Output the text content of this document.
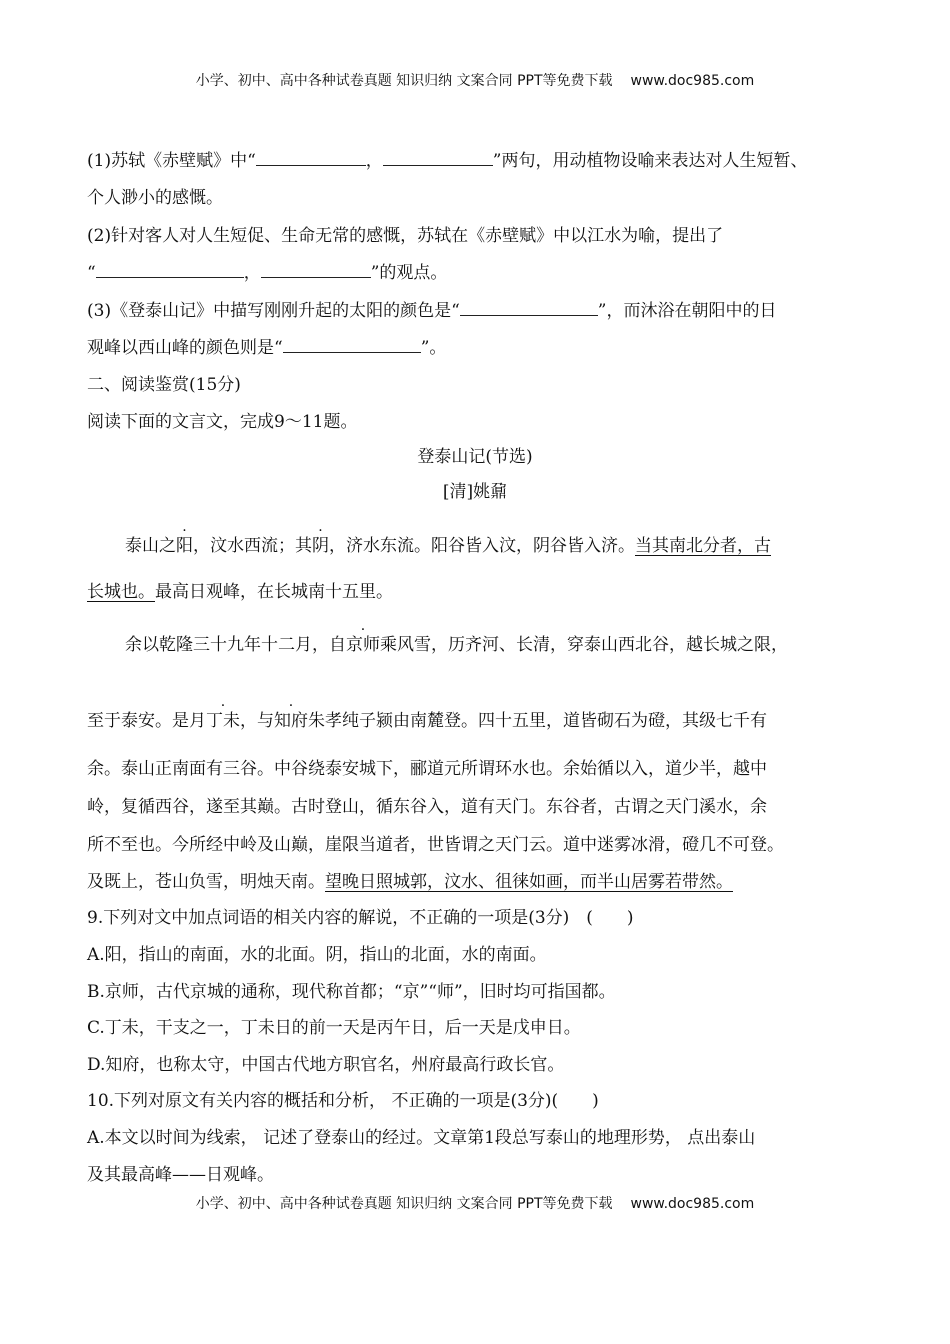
小学、初中、高中各种试卷真题 知识归纳 文案合同 PPT等免费下载 www.doc985.com
(1)苏轼《赤壁赋》中“	，	”两句，用动植物设喻来表达对人生短暂、
个人渺小的感慨。
(2)针对客人对人生短促、生命无常的感慨，苏轼在《赤壁赋》中以江水为喻，提出了
“	，	”的观点。
(3)《登泰山记》中描写刚刚升起的太阳的颜色是“	”，而沐浴在朝阳中的日
观峰以西山峰的颜色则是“	”。
二、阅读鉴赏(15分)
阅读下面的文言文，完成9～11题。
登泰山记(节选)
[清]姚鼐
泰山之阳，汶水西流；其阴，济水东流。阳谷皆入汶，阴谷皆入济。当其南北分者，古
长城也。最高日观峰，在长城南十五里。
余以乾隆三十九年十二月，自京师乘风雪，历齐河、长清，穿泰山西北谷，越长城之限，
至于泰安。是月丁未，与知府朱孝纯子颍由南麓登。四十五里，道皆砌石为磴，其级七千有
余。泰山正南面有三谷。中谷绕泰安城下，郦道元所谓环水也。余始循以入，道少半，越中
岭，复循西谷，遂至其巅。古时登山，循东谷入，道有天门。东谷者，古谓之天门溪水，余
所不至也。今所经中岭及山巅，崖限当道者，世皆谓之天门云。道中迷雾冰滑，磴几不可登。
及既上，苍山负雪，明烛天南。望晚日照城郭，汶水、徂徕如画，而半山居雾若带然。
9.下列对文中加点词语的相关内容的解说，不正确的一项是(3分)　(　　)
A.阳，指山的南面，水的北面。阴，指山的北面，水的南面。
B.京师，古代京城的通称，现代称首都；“京”“师”，旧时均可指国都。
C.丁未，干支之一，丁未日的前一天是丙午日，后一天是戊申日。
D.知府，也称太守，中国古代地方职官名，州府最高行政长官。
10.下列对原文有关内容的概括和分析， 不正确的一项是(3分)(　　)
A.本文以时间为线索， 记述了登泰山的经过。文章第1段总写泰山的地理形势， 点出泰山
及其最高峰——日观峰。
小学、初中、高中各种试卷真题 知识归纳 文案合同 PPT等免费下载 www.doc985.com
